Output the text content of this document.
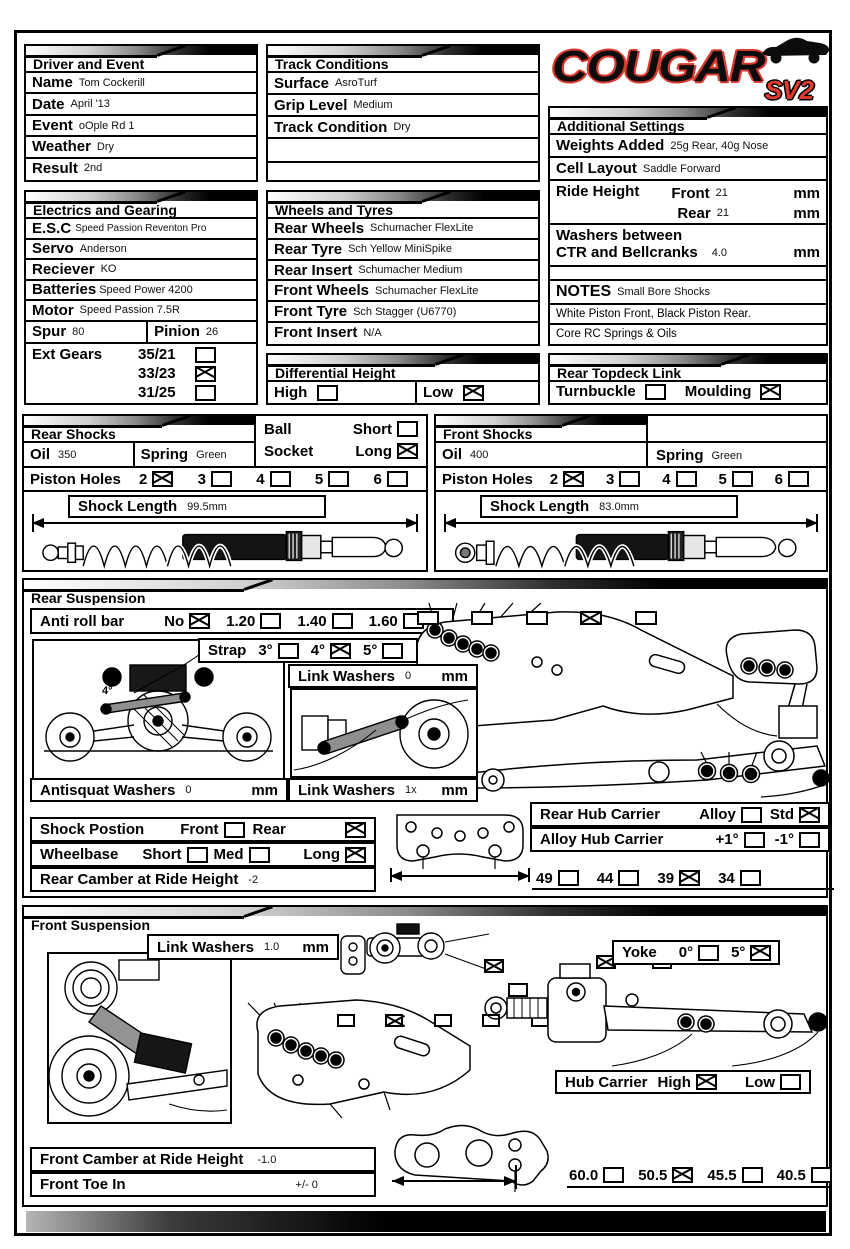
Driver and Event
Name Tom Cockerill
Date April '13
Event oOple Rd 1
Weather Dry
Result 2nd
Track Conditions
Surface AsroTurf
Grip Level Medium
Track Condition Dry
COUGAR SV2
Additional Settings
Weights Added 25g Rear, 40g Nose
Cell Layout Saddle Forward
Ride Height Front 21	mm
Rear 21	mm
Washers between
CTR and Bellcranks 4.0	mm
NOTES Small Bore Shocks
White Piston Front, Black Piston Rear.
Core RC Springs & Oils
Electrics and Gearing
E.S.C Speed Passion Reventon Pro
Servo Anderson
Reciever KO
Batteries Speed Power 4200
Motor Speed Passion 7.5R
Spur 80	Pinion 26
Ext Gears 35/21
33/23
31/25
Wheels and Tyres
Rear Wheels Schumacher FlexLite
Rear Tyre Sch Yellow MiniSpike
Rear Insert Schumacher Medium
Front Wheels Schumacher FlexLite
Front Tyre Sch Stagger (U6770)
Front Insert N/A
Differential Height
High	Low
Rear Topdeck Link
Turnbuckle	Moulding
Rear Shocks
Oil 350	Spring Green
Ball	Short
Socket	Long
Piston Holes 2	3	4	5	6
Shock Length 99.5mm
Front Shocks
Oil 400	Spring Green
Piston Holes 2	3	4	5	6
Shock Length 83.0mm
Rear Suspension
Anti roll bar	No	1.20	1.40	1.60

4°
Strap 3°	4°	5°
Link Washers 0 mm
Antisquat Washers 0	mm Link Washers 1x mm
Shock Postion Front Rear
Wheelbase Short Med	Long
Rear Camber at Ride Height -2
Rear Hub Carrier	Alloy Std
Alloy Hub Carrier	+1° -1°
49	44	39	34
Front Suspension
Link Washers 1.0 mm
	Yoke 0°	5°

Hub Carrier High	Low
60.0	50.5	45.5	40.5
Front Camber at Ride Height -1.0
Front Toe In	+/- 0
